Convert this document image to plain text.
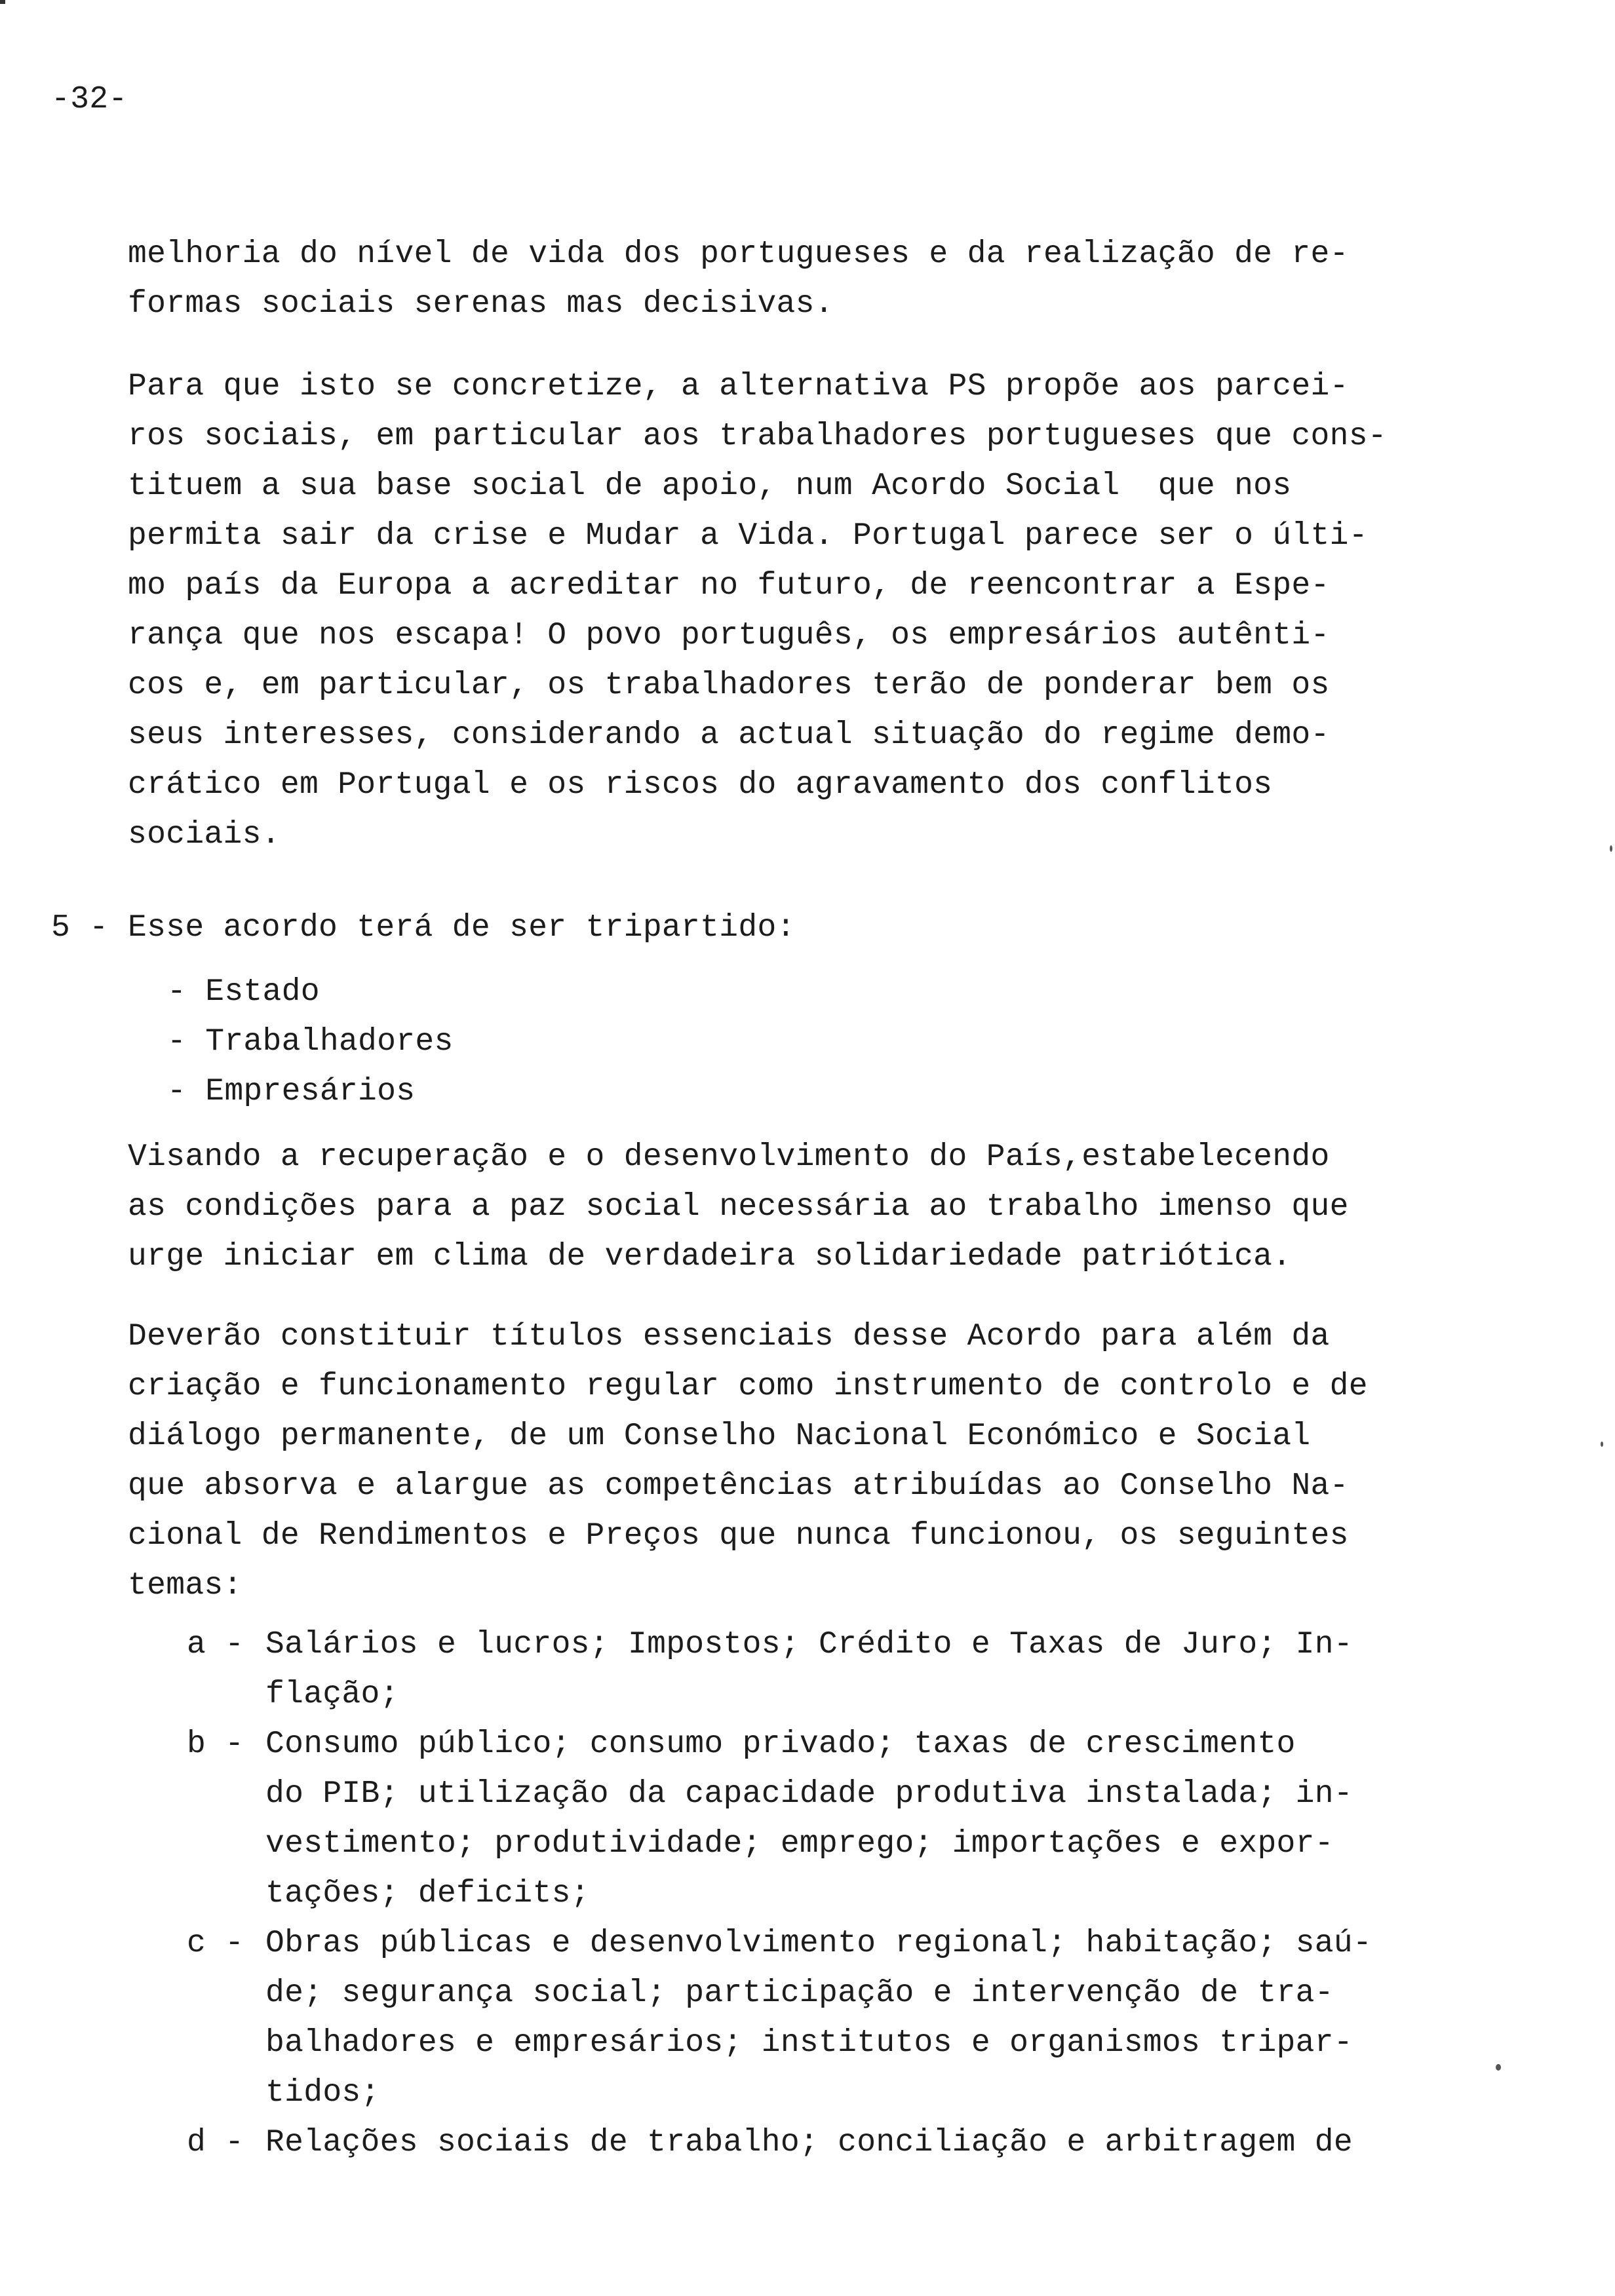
-32-
melhoria do nível de vida dos portugueses e da realização de re-
formas sociais serenas mas decisivas.
Para que isto se concretize, a alternativa PS propõe aos parcei-
ros sociais, em particular aos trabalhadores portugueses que cons-
tituem a sua base social de apoio, num Acordo Social  que nos
permita sair da crise e Mudar a Vida. Portugal parece ser o últi-
mo país da Europa a acreditar no futuro, de reencontrar a Espe-
rança que nos escapa! O povo português, os empresários autênti-
cos e, em particular, os trabalhadores terão de ponderar bem os
seus interesses, considerando a actual situação do regime demo-
crático em Portugal e os riscos do agravamento dos conflitos
sociais.
5 - Esse acordo terá de ser tripartido:
- Estado
- Trabalhadores
- Empresários
Visando a recuperação e o desenvolvimento do País,estabelecendo
as condições para a paz social necessária ao trabalho imenso que
urge iniciar em clima de verdadeira solidariedade patriótica.
Deverão constituir títulos essenciais desse Acordo para além da
criação e funcionamento regular como instrumento de controlo e de
diálogo permanente, de um Conselho Nacional Económico e Social
que absorva e alargue as competências atribuídas ao Conselho Na-
cional de Rendimentos e Preços que nunca funcionou, os seguintes
temas:
a - Salários e lucros; Impostos; Crédito e Taxas de Juro; In-
flação;
b - Consumo público; consumo privado; taxas de crescimento
do PIB; utilização da capacidade produtiva instalada; in-
vestimento; produtividade; emprego; importações e expor-
tações; deficits;
c - Obras públicas e desenvolvimento regional; habitação; saú-
de; segurança social; participação e intervenção de tra-
balhadores e empresários; institutos e organismos tripar-
tidos;
d - Relações sociais de trabalho; conciliação e arbitragem de
